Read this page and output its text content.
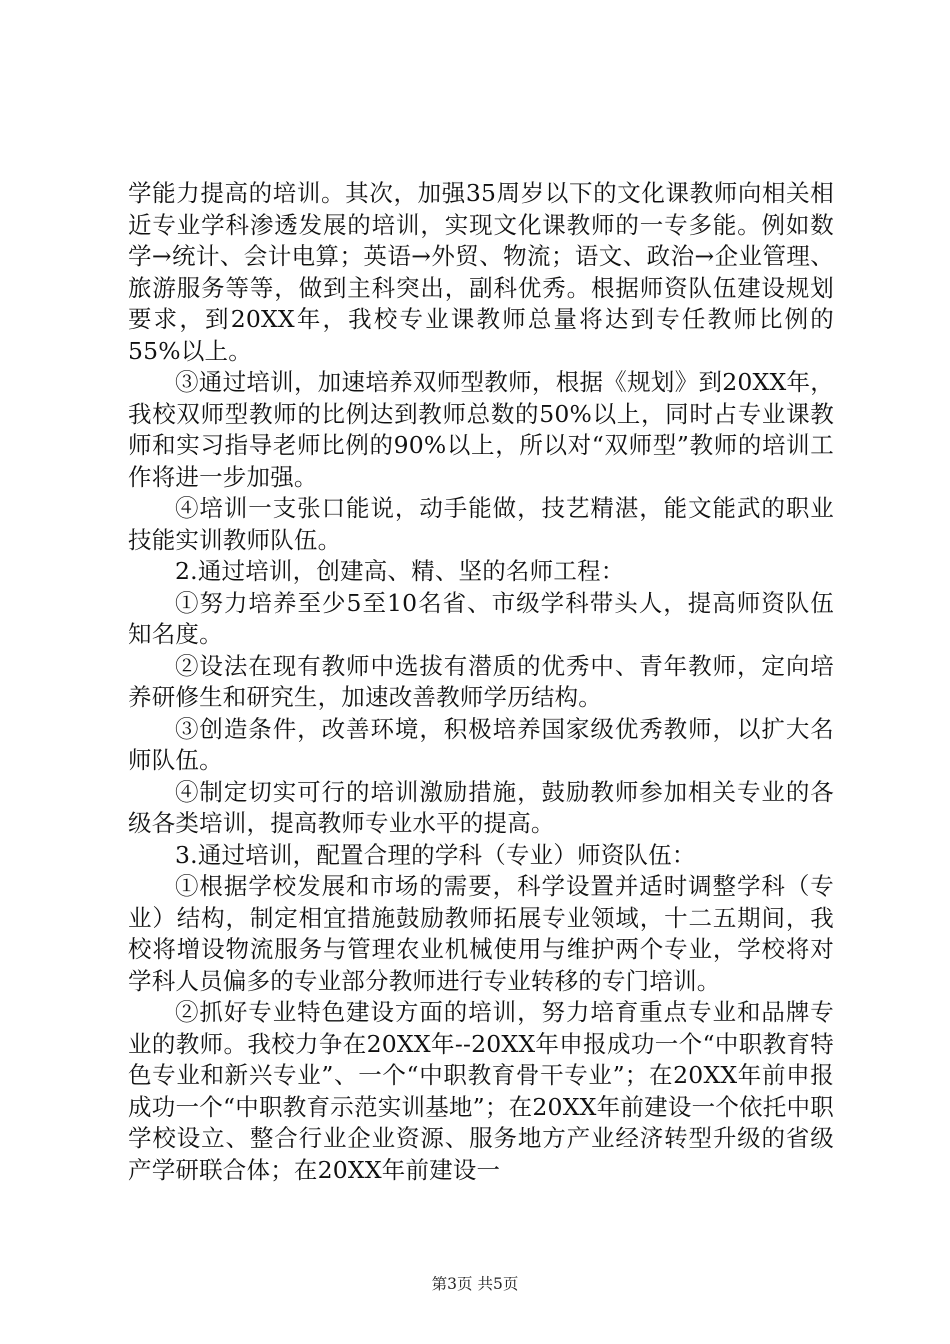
学能力提高的培训。其次，加强35周岁以下的文化课教师向相关相近专业学科渗透发展的培训，实现文化课教师的一专多能。例如数学→统计、会计电算；英语→外贸、物流；语文、政治→企业管理、旅游服务等等，做到主科突出，副科优秀。根据师资队伍建设规划要求，到20XX年，我校专业课教师总量将达到专任教师比例的55%以上。

③通过培训，加速培养双师型教师，根据《规划》到20XX年，我校双师型教师的比例达到教师总数的50%以上，同时占专业课教师和实习指导老师比例的90%以上，所以对“双师型”教师的培训工作将进一步加强。

④培训一支张口能说，动手能做，技艺精湛，能文能武的职业技能实训教师队伍。

2.通过培训，创建高、精、坚的名师工程：

①努力培养至少5至10名省、市级学科带头人，提高师资队伍知名度。

②设法在现有教师中选拔有潜质的优秀中、青年教师，定向培养研修生和研究生，加速改善教师学历结构。

③创造条件，改善环境，积极培养国家级优秀教师，以扩大名师队伍。

④制定切实可行的培训激励措施，鼓励教师参加相关专业的各级各类培训，提高教师专业水平的提高。

3.通过培训，配置合理的学科（专业）师资队伍：

①根据学校发展和市场的需要，科学设置并适时调整学科（专业）结构，制定相宜措施鼓励教师拓展专业领域，十二五期间，我校将增设物流服务与管理农业机械使用与维护两个专业，学校将对学科人员偏多的专业部分教师进行专业转移的专门培训。

②抓好专业特色建设方面的培训，努力培育重点专业和品牌专业的教师。我校力争在20XX年--20XX年申报成功一个“中职教育特色专业和新兴专业”、一个“中职教育骨干专业”；在20XX年前申报成功一个“中职教育示范实训基地”；在20XX年前建设一个依托中职学校设立、整合行业企业资源、服务地方产业经济转型升级的省级产学研联合体；在20XX年前建设一

第3页 共5页
